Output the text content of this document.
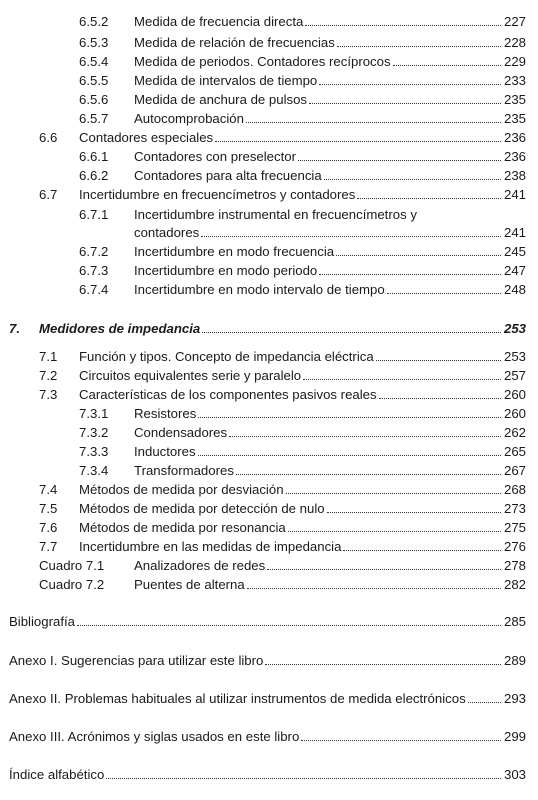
6.5.2 Medida de frecuencia directa	227
6.5.3 Medida de relación de frecuencias	228
6.5.4 Medida de periodos. Contadores recíprocos	229
6.5.5 Medida de intervalos de tiempo	233
6.5.6 Medida de anchura de pulsos	235
6.5.7 Autocomprobación	235
6.6 Contadores especiales	236
6.6.1 Contadores con preselector	236
6.6.2 Contadores para alta frecuencia	238
6.7 Incertidumbre en frecuencímetros y contadores	241
6.7.1 Incertidumbre instrumental en frecuencímetros y
contadores	241
6.7.2 Incertidumbre en modo frecuencia	245
6.7.3 Incertidumbre en modo periodo	247
6.7.4 Incertidumbre en modo intervalo de tiempo	248
7. Medidores de impedancia	253
7.1 Función y tipos. Concepto de impedancia eléctrica	253
7.2 Circuitos equivalentes serie y paralelo	257
7.3 Características de los componentes pasivos reales	260
7.3.1 Resistores	260
7.3.2 Condensadores	262
7.3.3 Inductores	265
7.3.4 Transformadores	267
7.4 Métodos de medida por desviación	268
7.5 Métodos de medida por detección de nulo	273
7.6 Métodos de medida por resonancia	275
7.7 Incertidumbre en las medidas de impedancia	276
Cuadro 7.1 Analizadores de redes	278
Cuadro 7.2 Puentes de alterna	282
Bibliografía	285
Anexo I. Sugerencias para utilizar este libro	289
Anexo II. Problemas habituales al utilizar instrumentos de medida electrónicos	293
Anexo III. Acrónimos y siglas usados en este libro	299
Índice alfabético	303
